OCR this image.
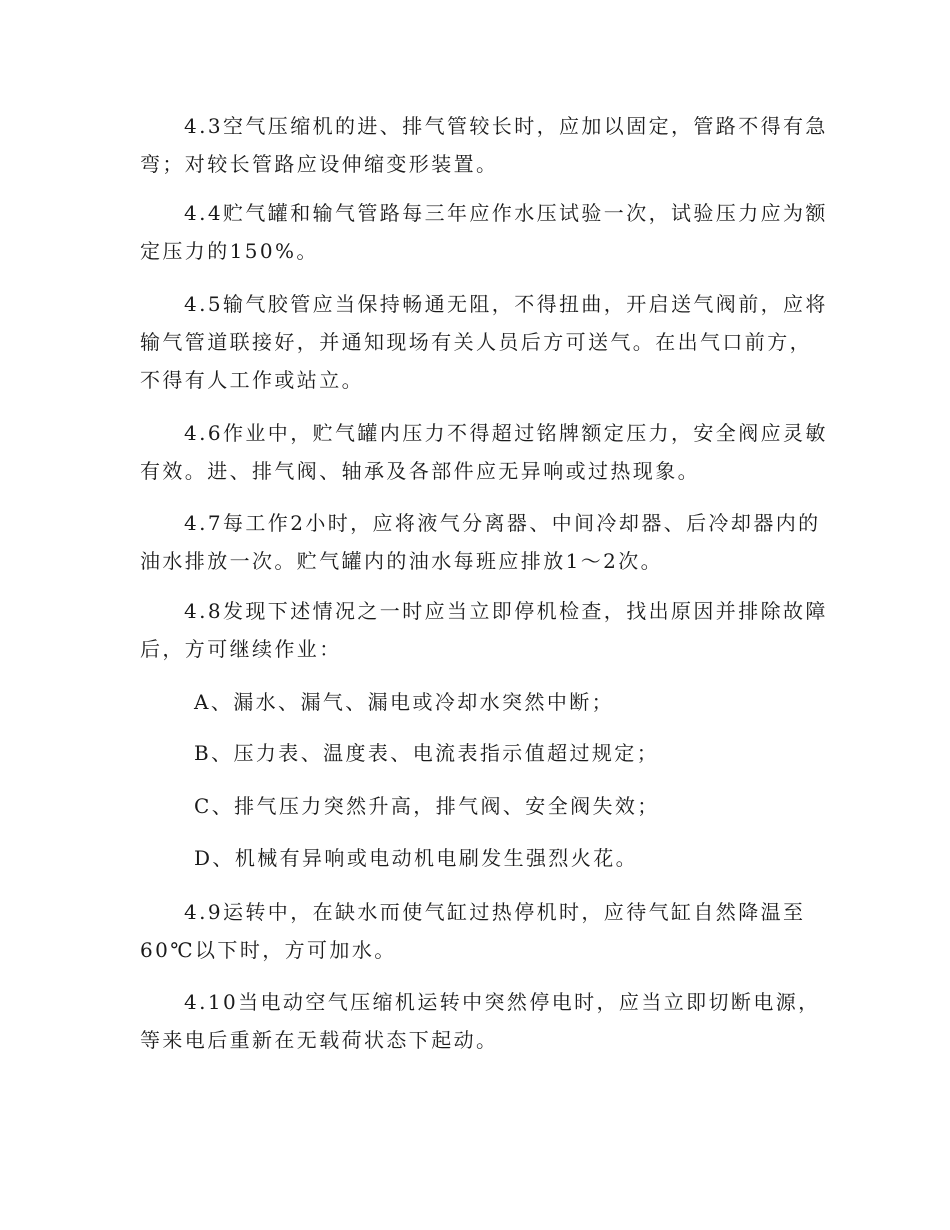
4.3空气压缩机的进、排气管较长时，应加以固定，管路不得有急
弯；对较长管路应设伸缩变形装置。
4.4贮气罐和输气管路每三年应作水压试验一次，试验压力应为额
定压力的150%。
4.5输气胶管应当保持畅通无阻，不得扭曲，开启送气阀前，应将
输气管道联接好，并通知现场有关人员后方可送气。在出气口前方，
不得有人工作或站立。
4.6作业中，贮气罐内压力不得超过铭牌额定压力，安全阀应灵敏
有效。进、排气阀、轴承及各部件应无异响或过热现象。
4.7每工作2小时，应将液气分离器、中间冷却器、后冷却器内的
油水排放一次。贮气罐内的油水每班应排放1～2次。
4.8发现下述情况之一时应当立即停机检查，找出原因并排除故障
后，方可继续作业：
A、漏水、漏气、漏电或冷却水突然中断；
B、压力表、温度表、电流表指示值超过规定；
C、排气压力突然升高，排气阀、安全阀失效；
D、机械有异响或电动机电刷发生强烈火花。
4.9运转中，在缺水而使气缸过热停机时，应待气缸自然降温至
60℃以下时，方可加水。
4.10当电动空气压缩机运转中突然停电时，应当立即切断电源，
等来电后重新在无载荷状态下起动。
